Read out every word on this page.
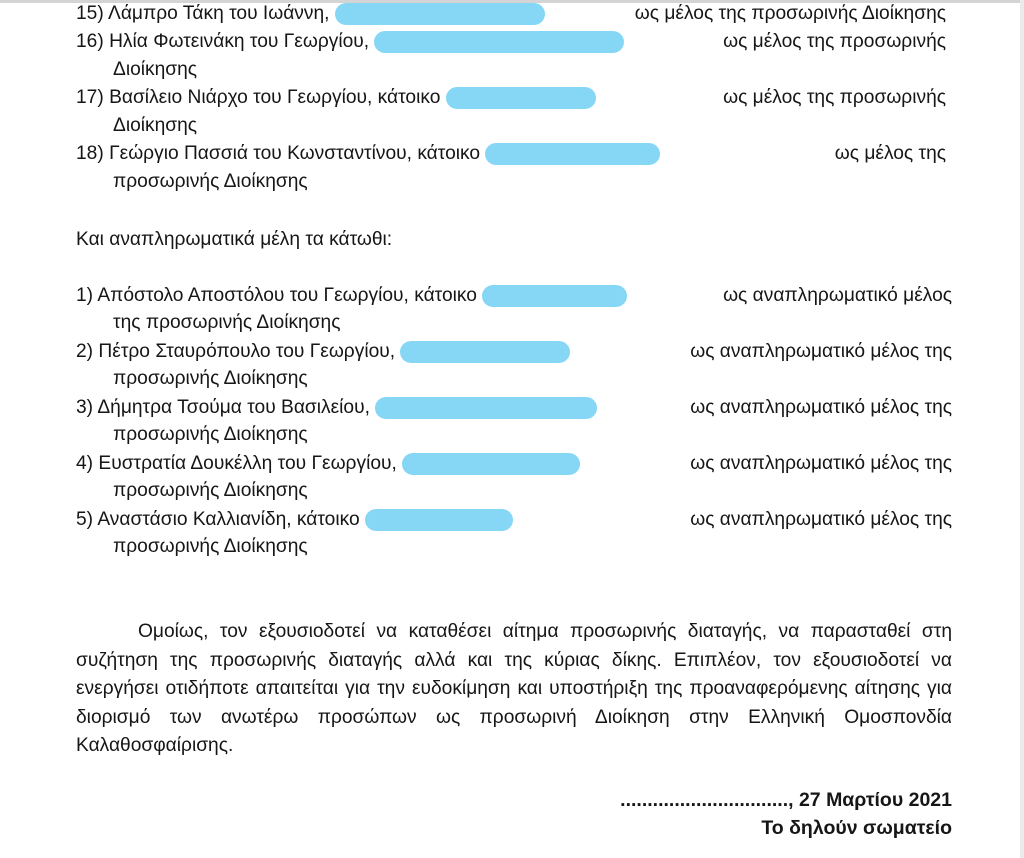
15) Λάμπρο Τάκη του Ιωάννη,	ως μέλος της προσωρινής Διοίκησης
16) Ηλία Φωτεινάκη του Γεωργίου,	ως μέλος της προσωρινής
Διοίκησης
17) Βασίλειο Νιάρχο του Γεωργίου, κάτοικο	ως μέλος της προσωρινής
Διοίκησης
18) Γεώργιο Πασσιά του Κωνσταντίνου, κάτοικο	ως μέλος της
προσωρινής Διοίκησης
Και αναπληρωματικά μέλη τα κάτωθι:
1) Απόστολο Αποστόλου του Γεωργίου, κάτοικο	ως αναπληρωματικό μέλος
της προσωρινής Διοίκησης
2) Πέτρο Σταυρόπουλο του Γεωργίου,	ως αναπληρωματικό μέλος της
προσωρινής Διοίκησης
3) Δήμητρα Τσούμα του Βασιλείου,	ως αναπληρωματικό μέλος της
προσωρινής Διοίκησης
4) Ευστρατία Δουκέλλη του Γεωργίου,	ως αναπληρωματικό μέλος της
προσωρινής Διοίκησης
5) Αναστάσιο Καλλιανίδη, κάτοικο	ως αναπληρωματικό μέλος της
προσωρινής Διοίκησης
Ομοίως, τον εξουσιοδοτεί να καταθέσει αίτημα προσωρινής διαταγής, να παρασταθεί στη συζήτηση της προσωρινής διαταγής αλλά και της κύριας δίκης. Επιπλέον, τον εξουσιοδοτεί να ενεργήσει οτιδήποτε απαιτείται για την ευδοκίμηση και υποστήριξη της προαναφερόμενης αίτησης για διορισμό των ανωτέρω προσώπων ως προσωρινή Διοίκηση στην Ελληνική Ομοσπονδία Καλαθοσφαίρισης.
..............................., 27 Μαρτίου 2021
Το δηλούν σωματείο
